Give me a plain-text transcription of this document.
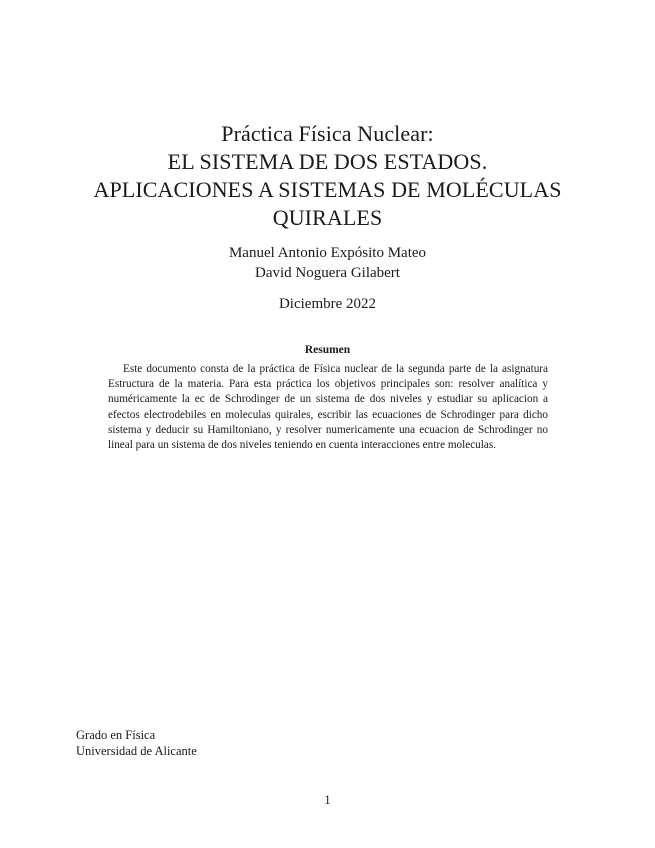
Práctica Física Nuclear:
EL SISTEMA DE DOS ESTADOS.
APLICACIONES A SISTEMAS DE MOLÉCULAS
QUIRALES
Manuel Antonio Expósito Mateo
David Noguera Gilabert
Diciembre 2022
Resumen
Este documento consta de la práctica de Física nuclear de la segunda parte de la asignatura Estructura de la materia. Para esta práctica los objetivos principales son: resolver analítica y numéricamente la ec de Schrodinger de un sistema de dos niveles y estudiar su aplicacion a efectos electrodebiles en moleculas quirales, escribir las ecuaciones de Schrodinger para dicho sistema y deducir su Hamiltoniano, y resolver numericamente una ecuacion de Schrodinger no lineal para un sistema de dos niveles teniendo en cuenta interacciones entre moleculas.
Grado en Física
Universidad de Alicante
1
